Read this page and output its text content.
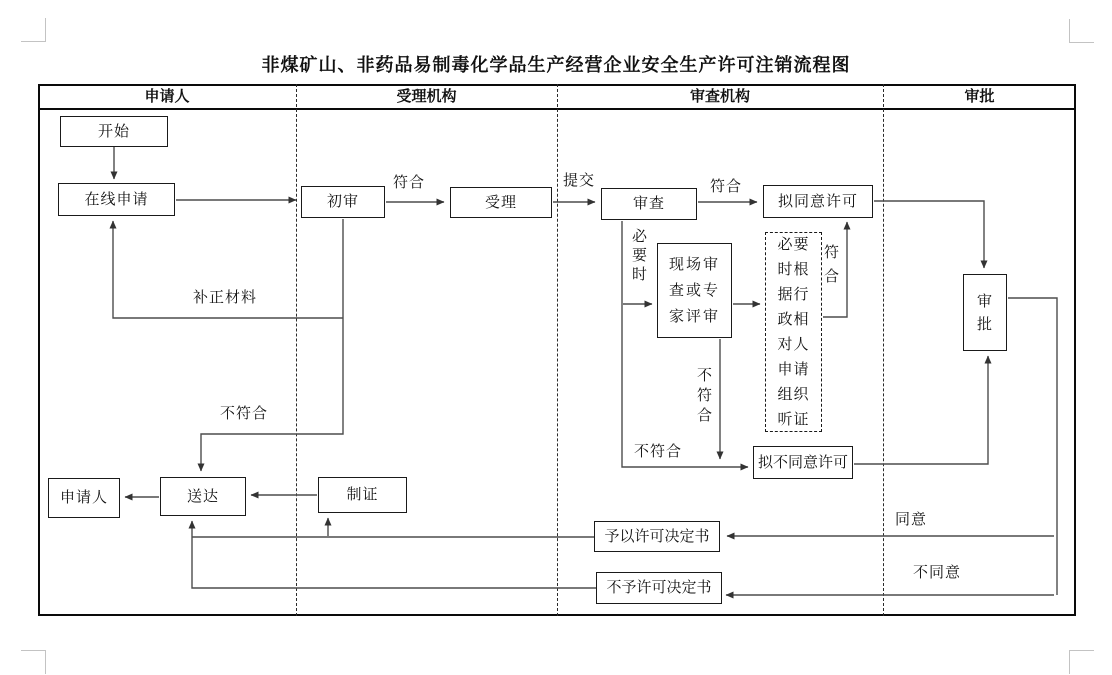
非煤矿山、非药品易制毒化学品生产经营企业安全生产许可注销流程图
申请人	受理机构	审查机构	审批
开始
在线申请	初审	受理	审查	拟同意许可
现场审查或专家评审
必要时根据行政相对人申请组织听证
拟不同意许可
审批
申请人	送达	制证
予以许可决定书
不予许可决定书
符合	提交	符合
必要时
补正材料
不符合
不符合
不符合
符合
同意
不同意
